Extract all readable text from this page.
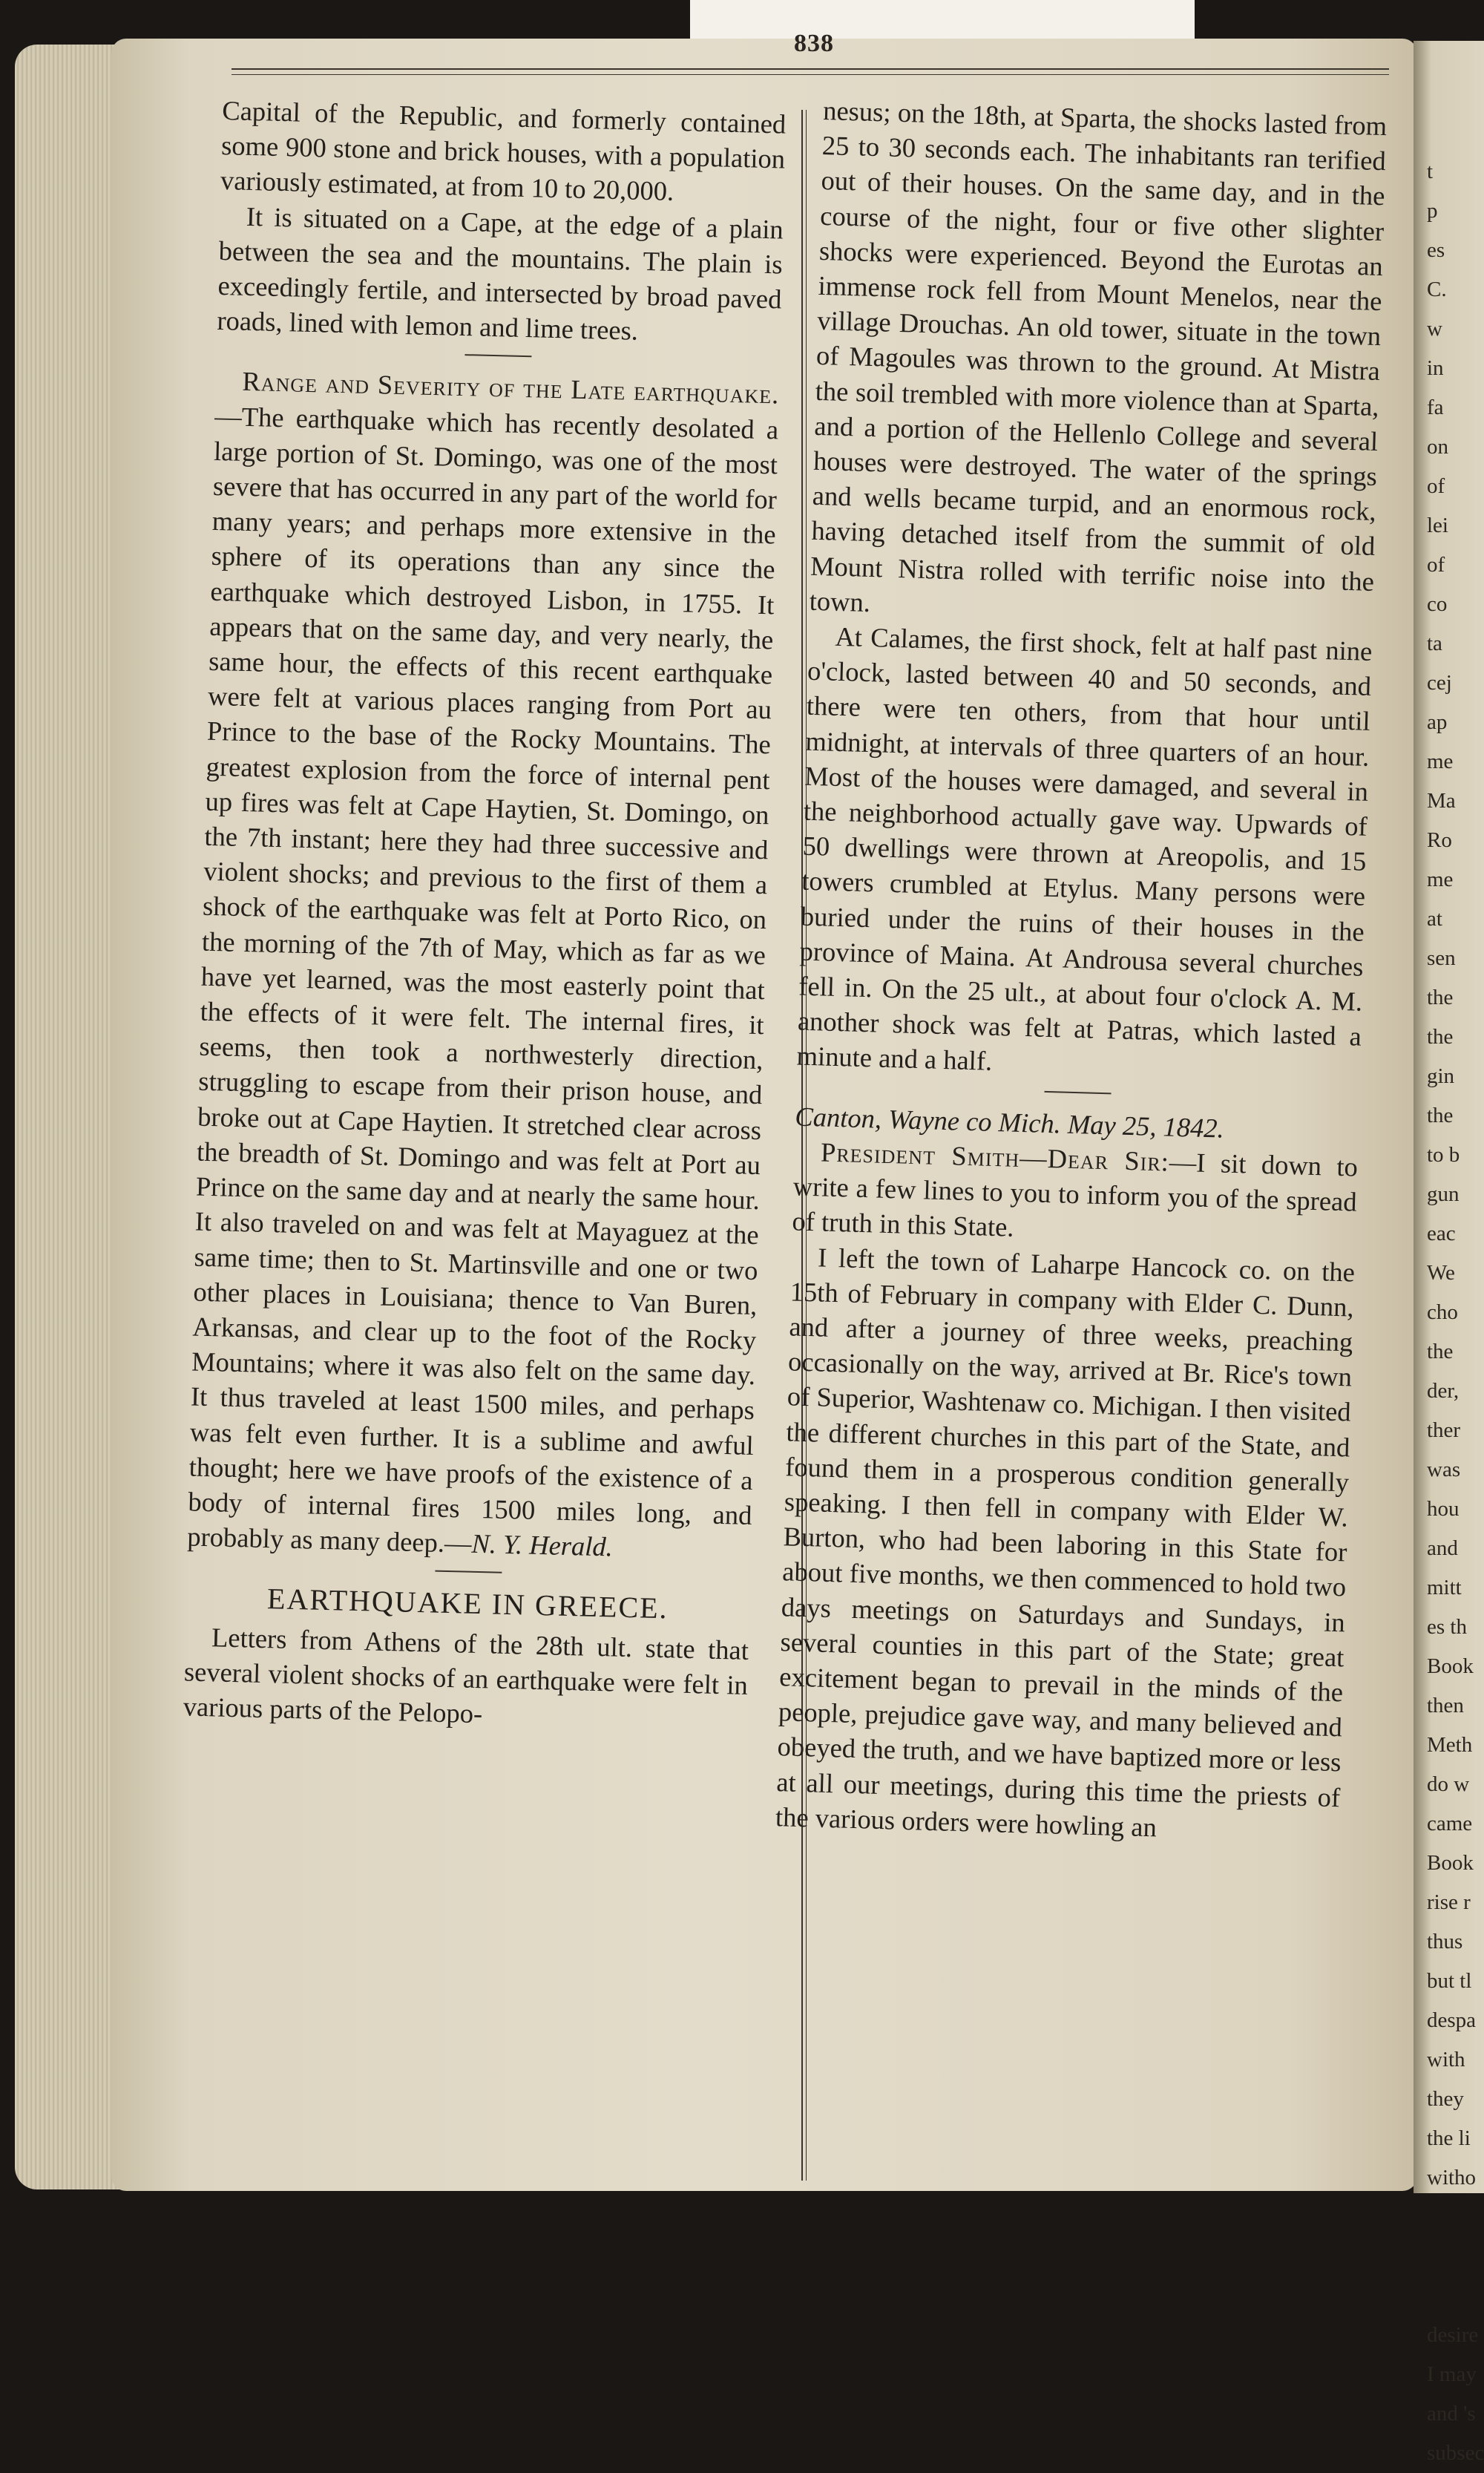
t
p
es
C.
w
in
fa
on
of
lei
of
co
ta
cej
ap
me
Ma
Ro
me
at
sen
the
the
gin
the
to b
gun
eac
We
cho
the
der,
ther
was
hou
and
mitt
es th
Book
then
Meth
do w
came
Book
rise r
thus
but tl
despa
with
they
the li
witho

desire
I may
and 's
subsec
838

Capital of the Republic, and formerly contained some 900 stone and brick houses, with a population variously estimated, at from 10 to 20,000.

It is situated on a Cape, at the edge of a plain between the sea and the mountains. The plain is exceedingly fertile, and intersected by broad paved roads, lined with lemon and lime trees.

Range and Severity of the Late earthquake.—The earthquake which has recently desolated a large portion of St. Domingo, was one of the most severe that has occurred in any part of the world for many years; and perhaps more extensive in the sphere of its operations than any since the earthquake which destroyed Lisbon, in 1755. It appears that on the same day, and very nearly, the same hour, the effects of this recent earthquake were felt at various places ranging from Port au Prince to the base of the Rocky Mountains. The greatest explosion from the force of internal pent up fires was felt at Cape Haytien, St. Domingo, on the 7th instant; here they had three successive and violent shocks; and previous to the first of them a shock of the earthquake was felt at Porto Rico, on the morning of the 7th of May, which as far as we have yet learned, was the most easterly point that the effects of it were felt. The internal fires, it seems, then took a northwesterly direction, struggling to escape from their prison house, and broke out at Cape Haytien. It stretched clear across the breadth of St. Domingo and was felt at Port au Prince on the same day and at nearly the same hour. It also traveled on and was felt at Mayaguez at the same time; then to St. Martinsville and one or two other places in Louisiana; thence to Van Buren, Arkansas, and clear up to the foot of the Rocky Mountains; where it was also felt on the same day. It thus traveled at least 1500 miles, and perhaps was felt even further. It is a sublime and awful thought; here we have proofs of the existence of a body of internal fires 1500 miles long, and probably as many deep.—N. Y. Herald.

EARTHQUAKE IN GREECE.

Letters from Athens of the 28th ult. state that several violent shocks of an earthquake were felt in various parts of the Pelopo-

nesus; on the 18th, at Sparta, the shocks lasted from 25 to 30 seconds each. The inhabitants ran terified out of their houses. On the same day, and in the course of the night, four or five other slighter shocks were experienced. Beyond the Eurotas an immense rock fell from Mount Menelos, near the village Drouchas. An old tower, situate in the town of Magoules was thrown to the ground. At Mistra the soil trembled with more violence than at Sparta, and a portion of the Hellenlo College and several houses were destroyed. The water of the springs and wells became turpid, and an enormous rock, having detached itself from the summit of old Mount Nistra rolled with terrific noise into the town.

At Calames, the first shock, felt at half past nine o'clock, lasted between 40 and 50 seconds, and there were ten others, from that hour until midnight, at intervals of three quarters of an hour. Most of the houses were damaged, and several in the neighborhood actually gave way. Upwards of 50 dwellings were thrown at Areopolis, and 15 towers crumbled at Etylus. Many persons were buried under the ruins of their houses in the province of Maina. At Androusa several churches fell in. On the 25 ult., at about four o'clock A. M. another shock was felt at Patras, which lasted a minute and a half.

Canton, Wayne co Mich. May 25, 1842.

President Smith—Dear Sir:—I sit down to write a few lines to you to inform you of the spread of truth in this State.

I left the town of Laharpe Hancock co. on the 15th of February in company with Elder C. Dunn, and after a journey of three weeks, preaching occasionally on the way, arrived at Br. Rice's town of Superior, Washtenaw co. Michigan. I then visited the different churches in this part of the State, and found them in a prosperous condition generally speaking. I then fell in company with Elder W. Burton, who had been laboring in this State for about five months, we then commenced to hold two days meetings on Saturdays and Sundays, in several counties in this part of the State; great excitement began to prevail in the minds of the people, prejudice gave way, and many believed and obeyed the truth, and we have baptized more or less at all our meetings, during this time the priests of the various orders were howling an
